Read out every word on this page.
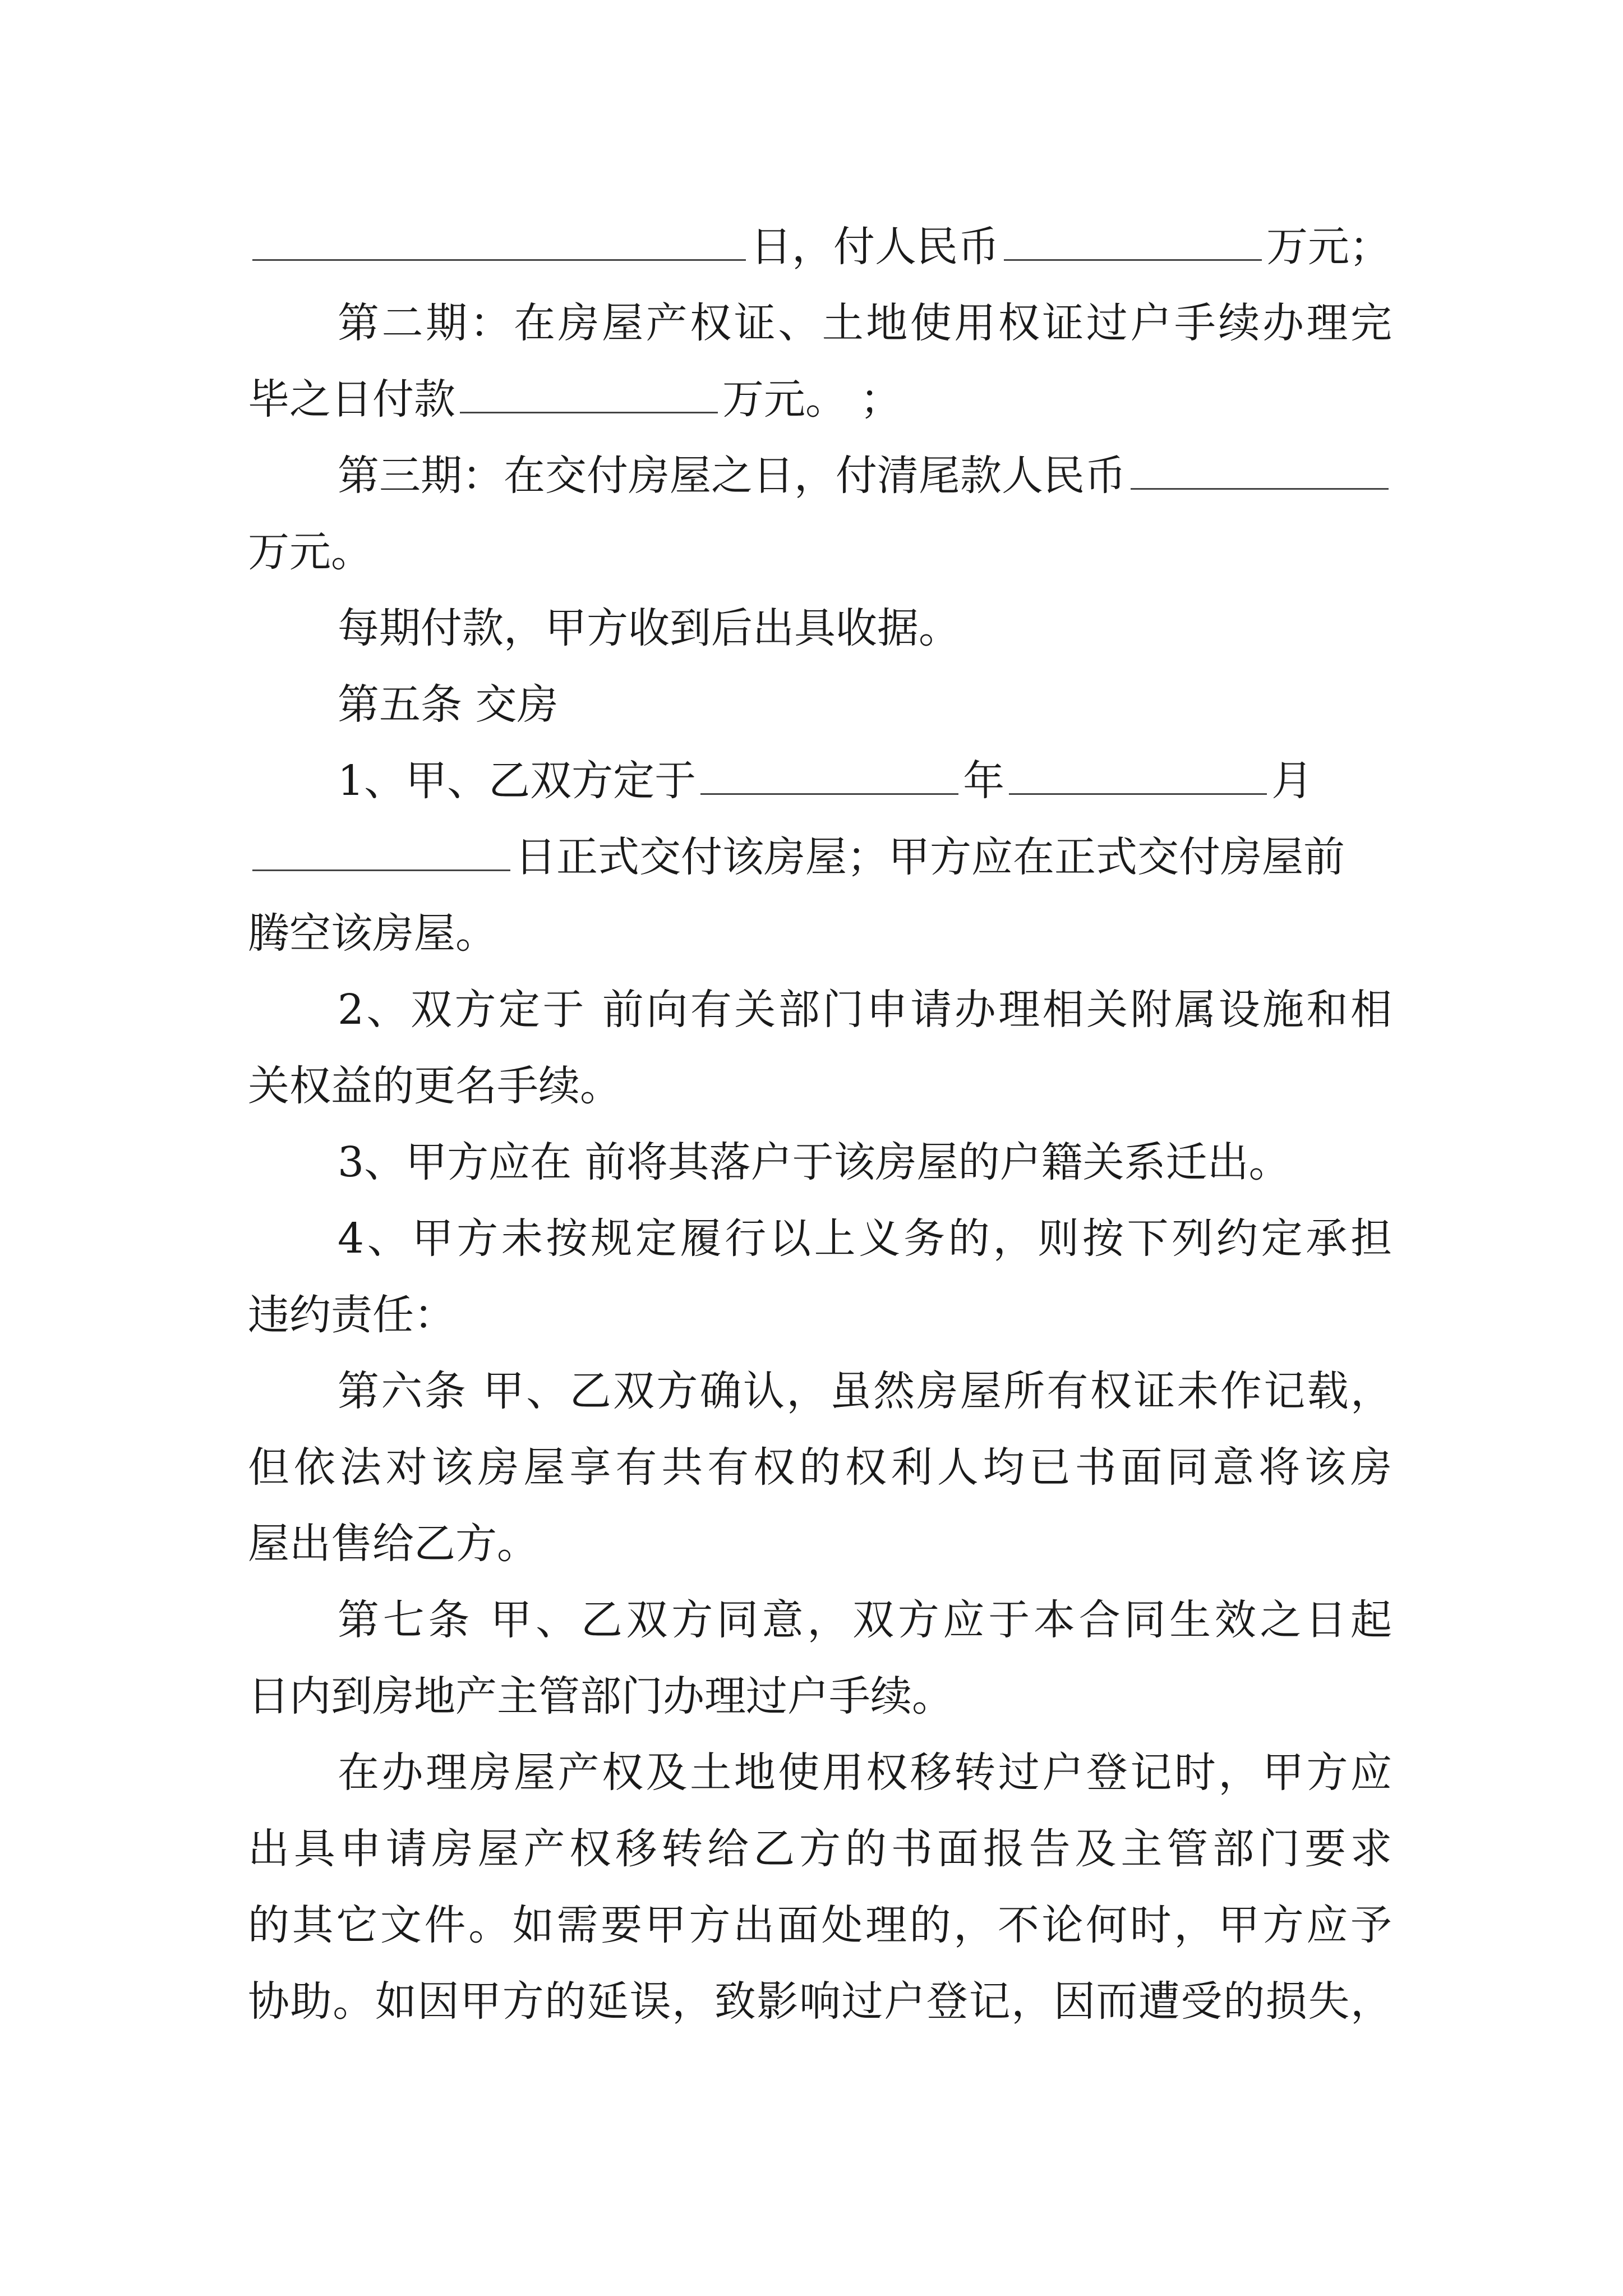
日，付人民币	万元；
第二期：在房屋产权证、土地使用权证过户手续办理完
毕之日付款	万元。 ；
第三期：在交付房屋之日，付清尾款人民币
万元。
每期付款，甲方收到后出具收据。
第五条 交房
1、甲、乙双方定于	年	月
日正式交付该房屋；甲方应在正式交付房屋前
腾空该房屋。
2、双方定于 前向有关部门申请办理相关附属设施和相
关权益的更名手续。
3、甲方应在 前将其落户于该房屋的户籍关系迁出。
4、甲方未按规定履行以上义务的，则按下列约定承担
违约责任：
第六条 甲、乙双方确认，虽然房屋所有权证未作记载，
但依法对该房屋享有共有权的权利人均已书面同意将该房
屋出售给乙方。
第七条 甲、乙双方同意，双方应于本合同生效之日起
日内到房地产主管部门办理过户手续。
在办理房屋产权及土地使用权移转过户登记时，甲方应
出具申请房屋产权移转给乙方的书面报告及主管部门要求
的其它文件。如需要甲方出面处理的，不论何时，甲方应予
协助。如因甲方的延误，致影响过户登记，因而遭受的损失，
